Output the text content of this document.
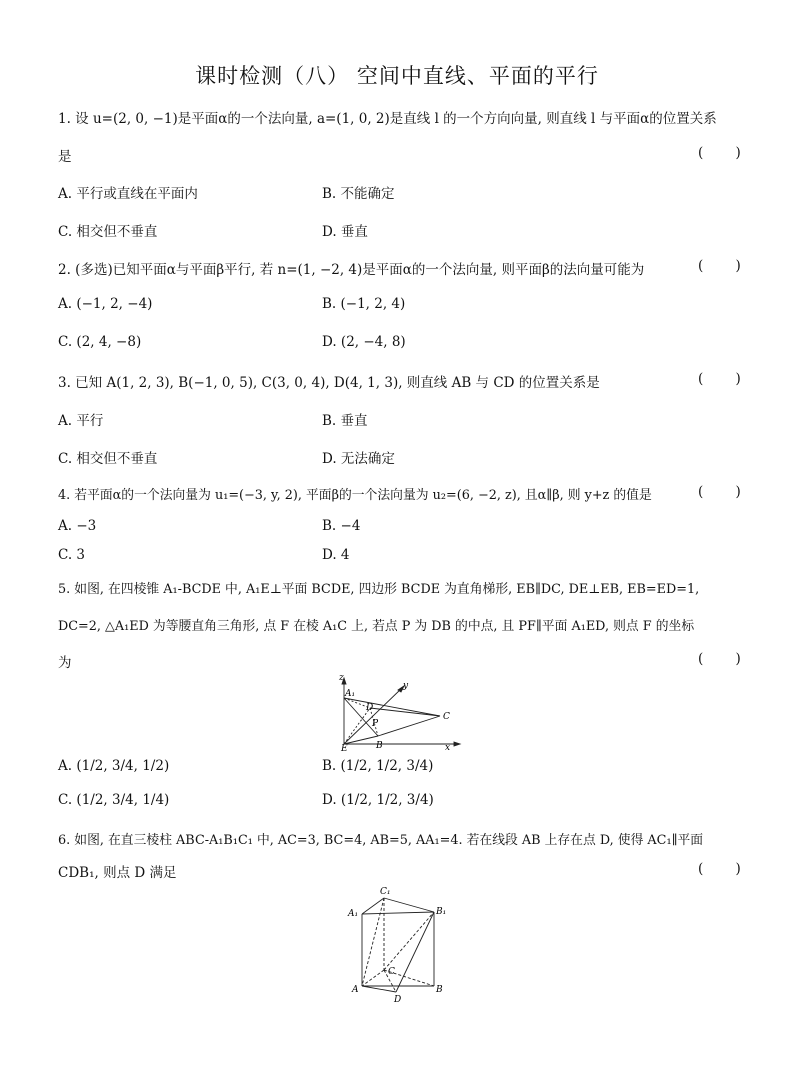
课时检测（八） 空间中直线、平面的平行
1. 设 u=(2, 0, −1)是平面α的一个法向量, a=(1, 0, 2)是直线 l 的一个方向向量, 则直线 l 与平面α的位置关系
是	( )
A. 平行或直线在平面内	B. 不能确定
C. 相交但不垂直	D. 垂直
2. (多选)已知平面α与平面β平行, 若 n=(1, −2, 4)是平面α的一个法向量, 则平面β的法向量可能为	( )
A. (−1, 2, −4)	B. (−1, 2, 4)
C. (2, 4, −8)	D. (2, −4, 8)
3. 已知 A(1, 2, 3), B(−1, 0, 5), C(3, 0, 4), D(4, 1, 3), 则直线 AB 与 CD 的位置关系是	( )
A. 平行	B. 垂直
C. 相交但不垂直	D. 无法确定
4. 若平面α的一个法向量为 u₁=(−3, y, 2), 平面β的一个法向量为 u₂=(6, −2, z), 且α∥β, 则 y+z 的值是	( )
A. −3	B. −4
C. 3	D. 4
5. 如图, 在四棱锥 A₁-BCDE 中, A₁E⊥平面 BCDE, 四边形 BCDE 为直角梯形, EB∥DC, DE⊥EB, EB=ED=1,
DC=2, △A₁ED 为等腰直角三角形, 点 F 在棱 A₁C 上, 若点 P 为 DB 的中点, 且 PF∥平面 A₁ED, 则点 F 的坐标
为	( )
z
A₁
y
D
P
C
E	B	x
A. (1/2, 3/4, 1/2)	B. (1/2, 1/2, 3/4)
C. (1/2, 3/4, 1/4)	D. (1/2, 1/2, 3/4)
6. 如图, 在直三棱柱 ABC-A₁B₁C₁ 中, AC=3, BC=4, AB=5, AA₁=4. 若在线段 AB 上存在点 D, 使得 AC₁∥平面
CDB₁, 则点 D 满足	( )
C₁
A₁	B₁
C
A
D
B
